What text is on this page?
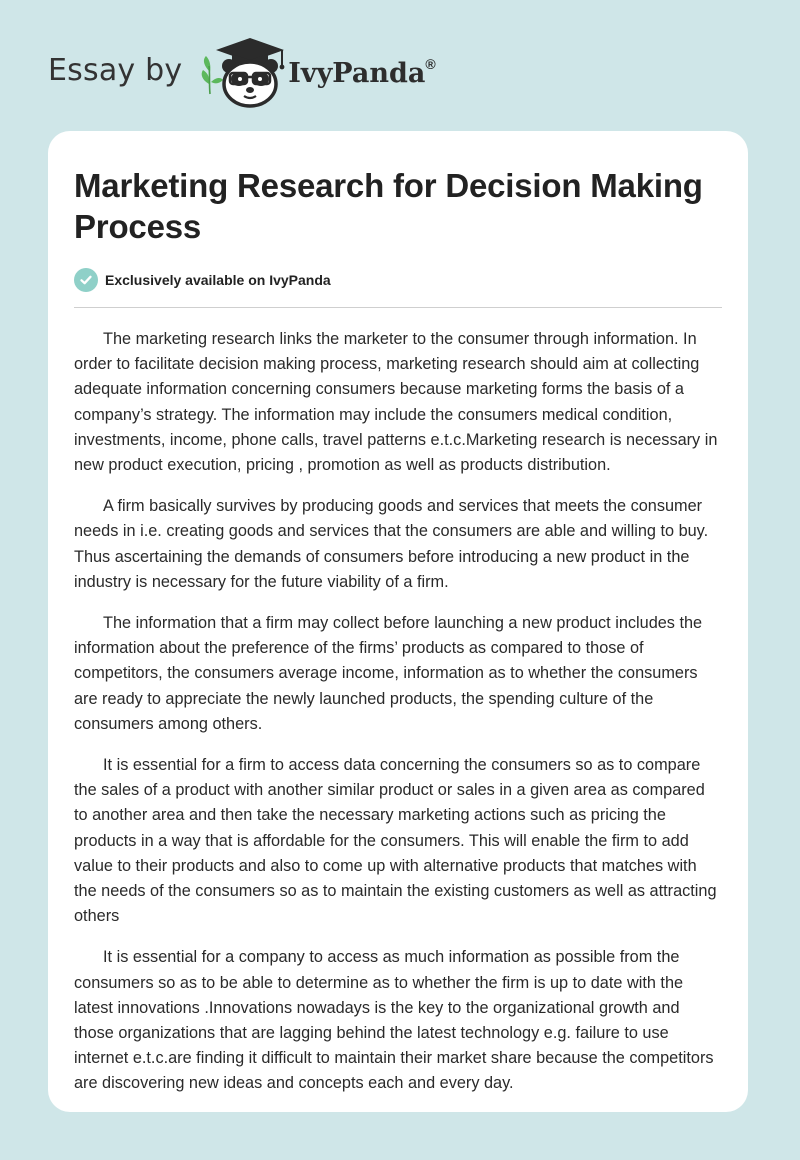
Essay by	IvyPanda®
Marketing Research for Decision Making Process
Exclusively available on IvyPanda

The marketing research links the marketer to the consumer through information. In order to facilitate decision making process, marketing research should aim at collecting adequate information concerning consumers because marketing forms the basis of a company’s strategy. The information may include the consumers medical condition, investments, income, phone calls, travel patterns e.t.c.Marketing research is necessary in new product execution, pricing , promotion as well as products distribution.

A firm basically survives by producing goods and services that meets the consumer needs in i.e. creating goods and services that the consumers are able and willing to buy. Thus ascertaining the demands of consumers before introducing a new product in the industry is necessary for the future viability of a firm.

The information that a firm may collect before launching a new product includes the information about the preference of the firms’ products as compared to those of competitors, the consumers average income, information as to whether the consumers are ready to appreciate the newly launched products, the spending culture of the consumers among others.

It is essential for a firm to access data concerning the consumers so as to compare the sales of a product with another similar product or sales in a given area as compared to another area and then take the necessary marketing actions such as pricing the products in a way that is affordable for the consumers. This will enable the firm to add value to their products and also to come up with alternative products that matches with the needs of the consumers so as to maintain the existing customers as well as attracting others

It is essential for a company to access as much information as possible from the consumers so as to be able to determine as to whether the firm is up to date with the latest innovations .Innovations nowadays is the key to the organizational growth and those organizations that are lagging behind the latest technology e.g. failure to use internet e.t.c.are finding it difficult to maintain their market share because the competitors are discovering new ideas and concepts each and every day.
